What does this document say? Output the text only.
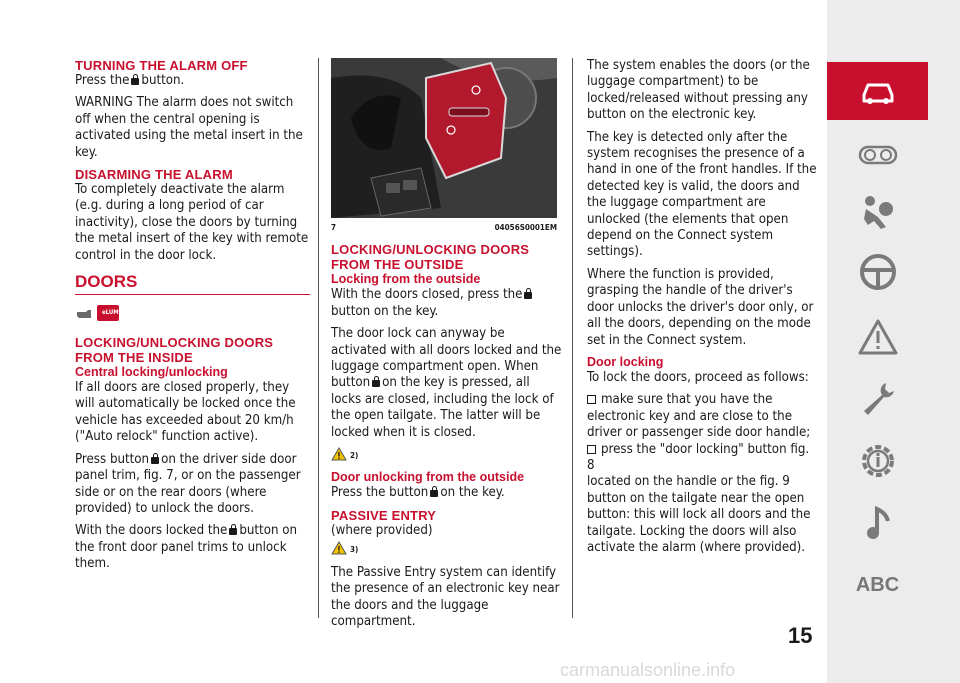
TURNING THE ALARM OFF

Press the button.

WARNING The alarm does not switch off when the central opening is activated using the metal insert in the key.

DISARMING THE ALARM

To completely deactivate the alarm (e.g. during a long period of car inactivity), close the doors by turning the metal insert of the key with remote control in the door lock.

DOORS
eLUM
LOCKING/UNLOCKING DOORS FROM THE INSIDE
Central locking/unlocking

If all doors are closed properly, they will automatically be locked once the vehicle has exceeded about 20 km/h ("Auto relock" function active).

Press button on the driver side door panel trim, fig. 7, or on the passenger side or on the rear doors (where provided) to unlock the doors.

With the doors locked the button on the front door panel trims to unlock them.

7	04056S0001EM
LOCKING/UNLOCKING DOORS FROM THE OUTSIDE
Locking from the outside

With the doors closed, press thebutton on the key.

The door lock can anyway be activated with all doors locked and the luggage compartment open. When button on the key is pressed, all locks are closed, including the lock of the open tailgate. The latter will be locked when it is closed.

2)

Door unlocking from the outside

Press the button on the key.

PASSIVE ENTRY

(where provided)

3)

The Passive Entry system can identify the presence of an electronic key near the doors and the luggage compartment.

The system enables the doors (or the luggage compartment) to be locked/released without pressing any button on the electronic key.

The key is detected only after the system recognises the presence of a hand in one of the front handles. If the detected key is valid, the doors and the luggage compartment are unlocked (the elements that open depend on the Connect system settings).

Where the function is provided, grasping the handle of the driver's door unlocks the driver's door only, or all the doors, depending on the mode set in the Connect system.

Door locking

To lock the doors, proceed as follows:

make sure that you have the electronic key and are close to the driver or passenger side door handle;

press the "door locking" button fig. 8

located on the handle or the fig. 9 button on the tailgate near the open button: this will lock all doors and the tailgate. Locking the doors will also activate the alarm (where provided).

ABC
15
carmanualsonline.info
